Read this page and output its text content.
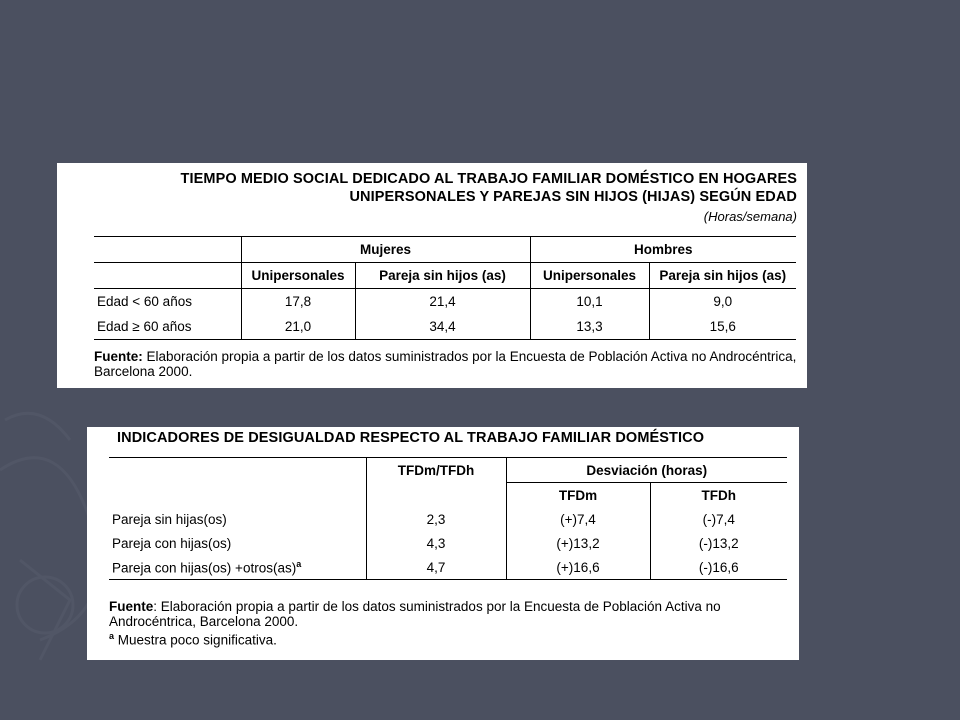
TIEMPO MEDIO SOCIAL DEDICADO AL TRABAJO FAMILIAR DOMÉSTICO EN HOGARES
UNIPERSONALES Y PAREJAS SIN HIJOS (HIJAS) SEGÚN EDAD
(Horas/semana)
	Mujeres		Hombres	
	Unipersonales	Pareja sin hijos (as)	Unipersonales	Pareja sin hijos (as)
Edad < 60 años	17,8	21,4	10,1	9,0
Edad ≥ 60 años	21,0	34,4	13,3	15,6
Fuente: Elaboración propia a partir de los datos suministrados por la Encuesta de Población Activa no Androcéntrica, Barcelona 2000.
INDICADORES DE DESIGUALDAD RESPECTO AL TRABAJO FAMILIAR DOMÉSTICO
	TFDm/TFDh	Desviación (horas)	
		TFDm	TFDh
Pareja sin hijas(os)	2,3	(+)7,4	(-)7,4
Pareja con hijas(os)	4,3	(+)13,2	(-)13,2
Pareja con hijas(os) +otros(as)$^a$	4,7	(+)16,6	(-)16,6
Fuente: Elaboración propia a partir de los datos suministrados por la Encuesta de Población Activa no Androcéntrica, Barcelona 2000.
$^a$ Muestra poco significativa.
